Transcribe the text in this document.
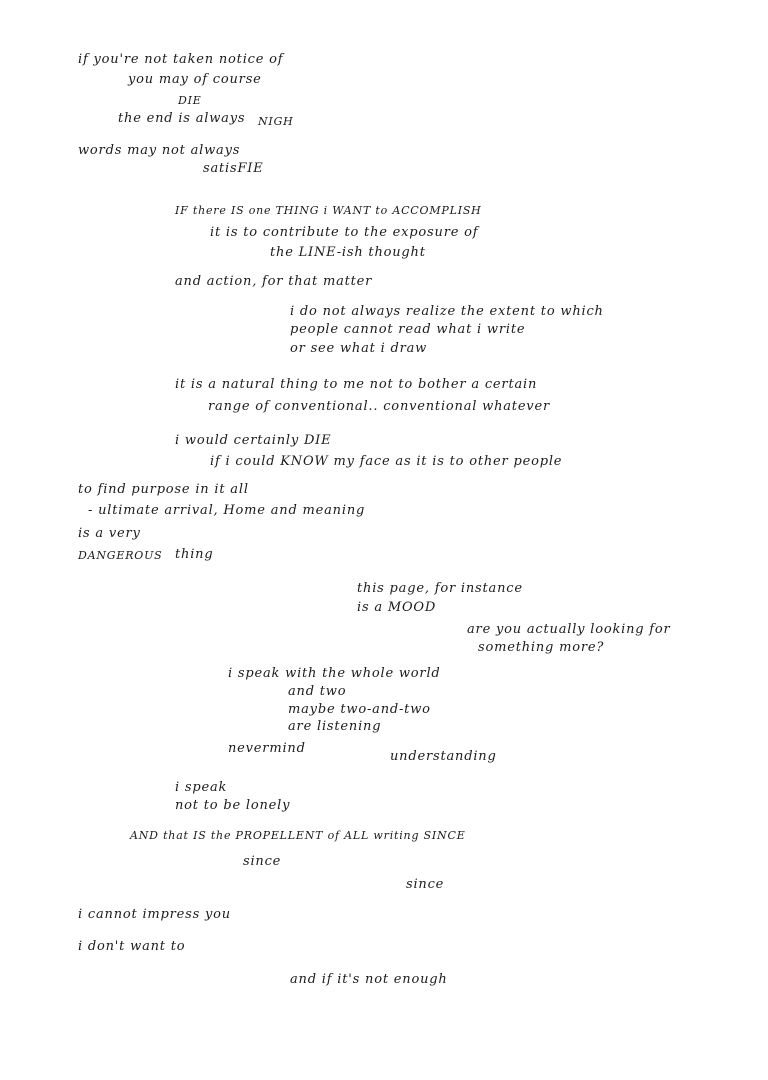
if you're not taken notice of

you may of course

DIE

the end is always NIGH

words may not always

satisFIE

IF there IS one THING i WANT to ACCOMPLISH

it is to contribute to the exposure of

the LINE-ish thought

and action, for that matter

i do not always realize the extent to which

people cannot read what i write

or see what i draw

it is a natural thing to me not to bother a certain

range of conventional.. conventional whatever

i would certainly DIE

if i could KNOW my face as it is to other people

to find purpose in it all

- ultimate arrival, Home and meaning

is a very

DANGEROUS thing

this page, for instance

is a MOOD

are you actually looking for

something more?

i speak with the whole world

and two

maybe two-and-two

are listening

nevermind

understanding

i speak

not to be lonely

AND that IS the PROPELLENT of ALL writing SINCE

since

since

i cannot impress you

i don't want to

and if it's not enough
